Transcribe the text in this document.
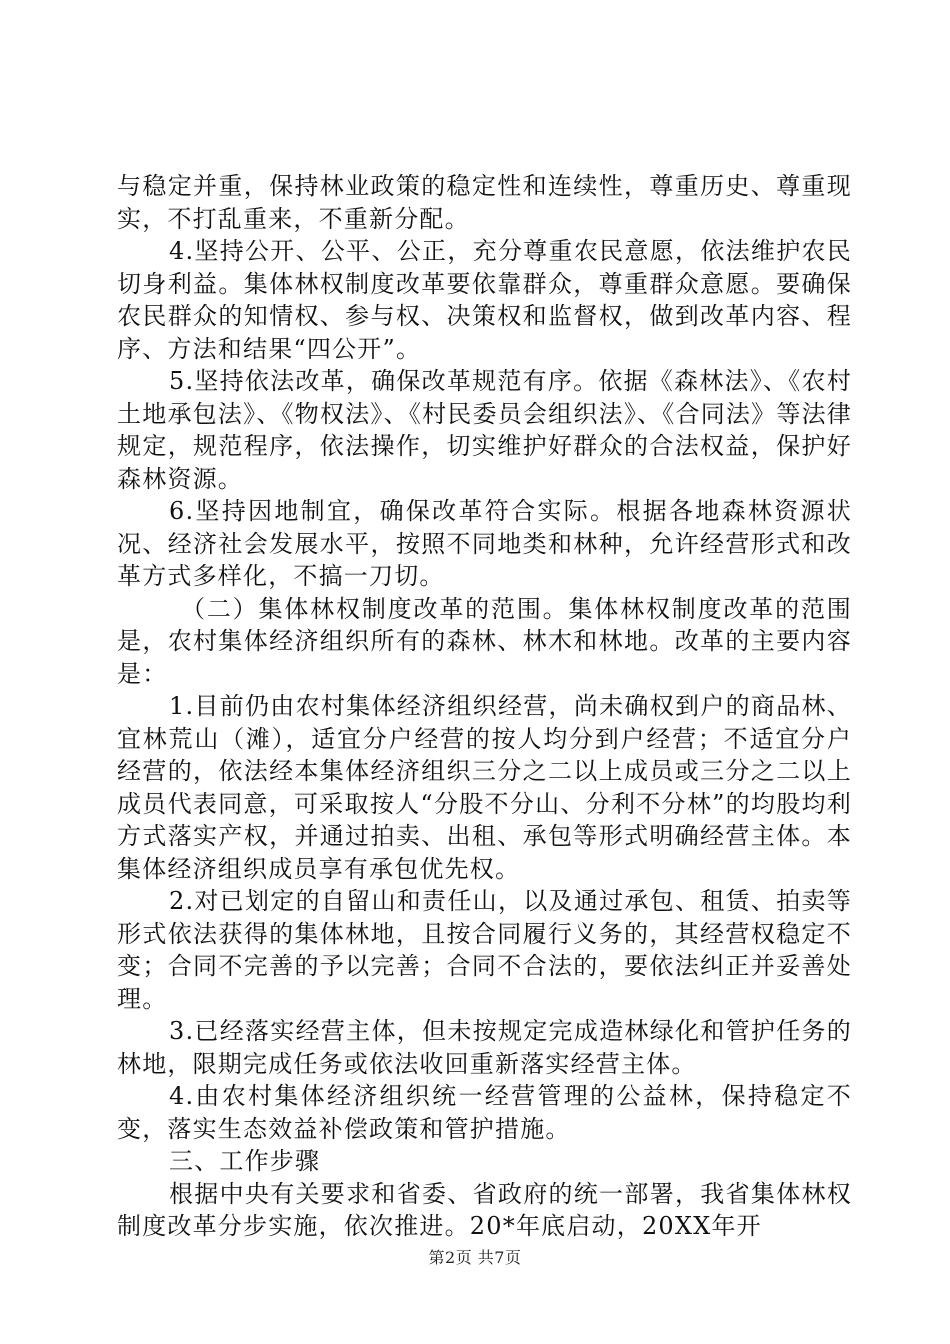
与稳定并重，保持林业政策的稳定性和连续性，尊重历史、尊重现实，不打乱重来，不重新分配。

4.坚持公开、公平、公正，充分尊重农民意愿，依法维护农民切身利益。集体林权制度改革要依靠群众，尊重群众意愿。要确保农民群众的知情权、参与权、决策权和监督权，做到改革内容、程序、方法和结果“四公开”。

5.坚持依法改革，确保改革规范有序。依据《森林法》、《农村土地承包法》、《物权法》、《村民委员会组织法》、《合同法》等法律规定，规范程序，依法操作，切实维护好群众的合法权益，保护好森林资源。

6.坚持因地制宜，确保改革符合实际。根据各地森林资源状况、经济社会发展水平，按照不同地类和林种，允许经营形式和改革方式多样化，不搞一刀切。

（二）集体林权制度改革的范围。集体林权制度改革的范围是，农村集体经济组织所有的森林、林木和林地。改革的主要内容是：

1.目前仍由农村集体经济组织经营，尚未确权到户的商品林、宜林荒山（滩），适宜分户经营的按人均分到户经营；不适宜分户经营的，依法经本集体经济组织三分之二以上成员或三分之二以上成员代表同意，可采取按人“分股不分山、分利不分林”的均股均利方式落实产权，并通过拍卖、出租、承包等形式明确经营主体。本集体经济组织成员享有承包优先权。

2.对已划定的自留山和责任山，以及通过承包、租赁、拍卖等形式依法获得的集体林地，且按合同履行义务的，其经营权稳定不变；合同不完善的予以完善；合同不合法的，要依法纠正并妥善处理。

3.已经落实经营主体，但未按规定完成造林绿化和管护任务的林地，限期完成任务或依法收回重新落实经营主体。

4.由农村集体经济组织统一经营管理的公益林，保持稳定不变，落实生态效益补偿政策和管护措施。

三、工作步骤

根据中央有关要求和省委、省政府的统一部署，我省集体林权制度改革分步实施，依次推进。20*年底启动，20XX年开

第2页 共7页
